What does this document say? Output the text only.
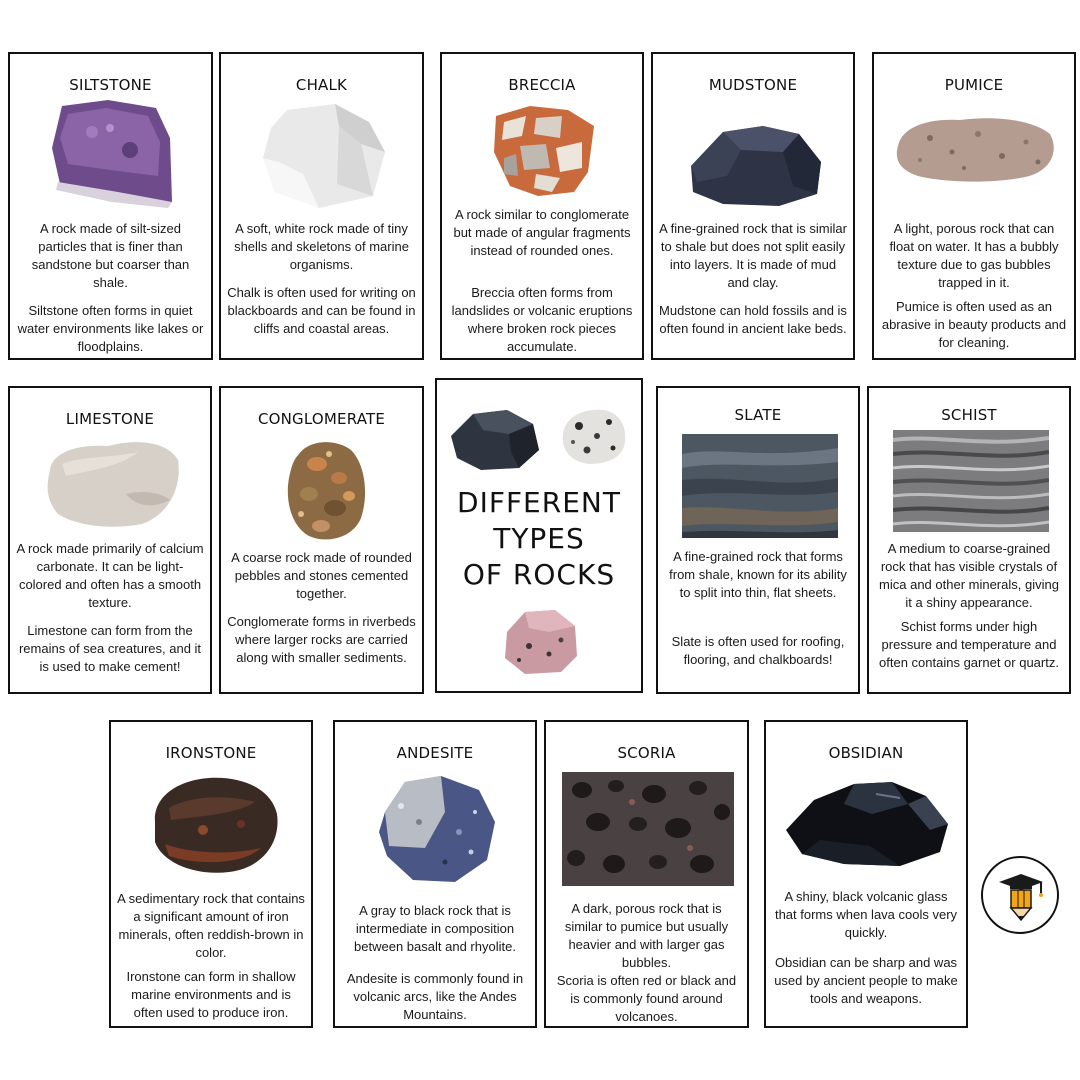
SILTSTONE

A rock made of silt-sized particles that is finer than sandstone but coarser than shale.

Siltstone often forms in quiet water environments like lakes or floodplains.

CHALK

A soft, white rock made of tiny shells and skeletons of marine organisms.

Chalk is often used for writing on blackboards and can be found in cliffs and coastal areas.

BRECCIA

A rock similar to conglomerate but made of angular fragments instead of rounded ones.

Breccia often forms from landslides or volcanic eruptions where broken rock pieces accumulate.

MUDSTONE

A fine-grained rock that is similar to shale but does not split easily into layers. It is made of mud and clay.

Mudstone can hold fossils and is often found in ancient lake beds.

PUMICE

A light, porous rock that can float on water. It has a bubbly texture due to gas bubbles trapped in it.

Pumice is often used as an abrasive in beauty products and for cleaning.

LIMESTONE

A rock made primarily of calcium carbonate. It can be light-colored and often has a smooth texture.

Limestone can form from the remains of sea creatures, and it is used to make cement!

CONGLOMERATE

A coarse rock made of rounded pebbles and stones cemented together.

Conglomerate forms in riverbeds where larger rocks are carried along with smaller sediments.

DIFFERENT
TYPES
OF ROCKS
SLATE

A fine-grained rock that forms from shale, known for its ability to split into thin, flat sheets.

Slate is often used for roofing, flooring, and chalkboards!

SCHIST

A medium to coarse-grained rock that has visible crystals of mica and other minerals, giving it a shiny appearance.

Schist forms under high pressure and temperature and often contains garnet or quartz.

IRONSTONE

A sedimentary rock that contains a significant amount of iron minerals, often reddish-brown in color.

Ironstone can form in shallow marine environments and is often used to produce iron.

ANDESITE

A gray to black rock that is intermediate in composition between basalt and rhyolite.

Andesite is commonly found in volcanic arcs, like the Andes Mountains.

SCORIA

A dark, porous rock that is similar to pumice but usually heavier and with larger gas bubbles.

Scoria is often red or black and is commonly found around volcanoes.

OBSIDIAN

A shiny, black volcanic glass that forms when lava cools very quickly.

Obsidian can be sharp and was used by ancient people to make tools and weapons.
